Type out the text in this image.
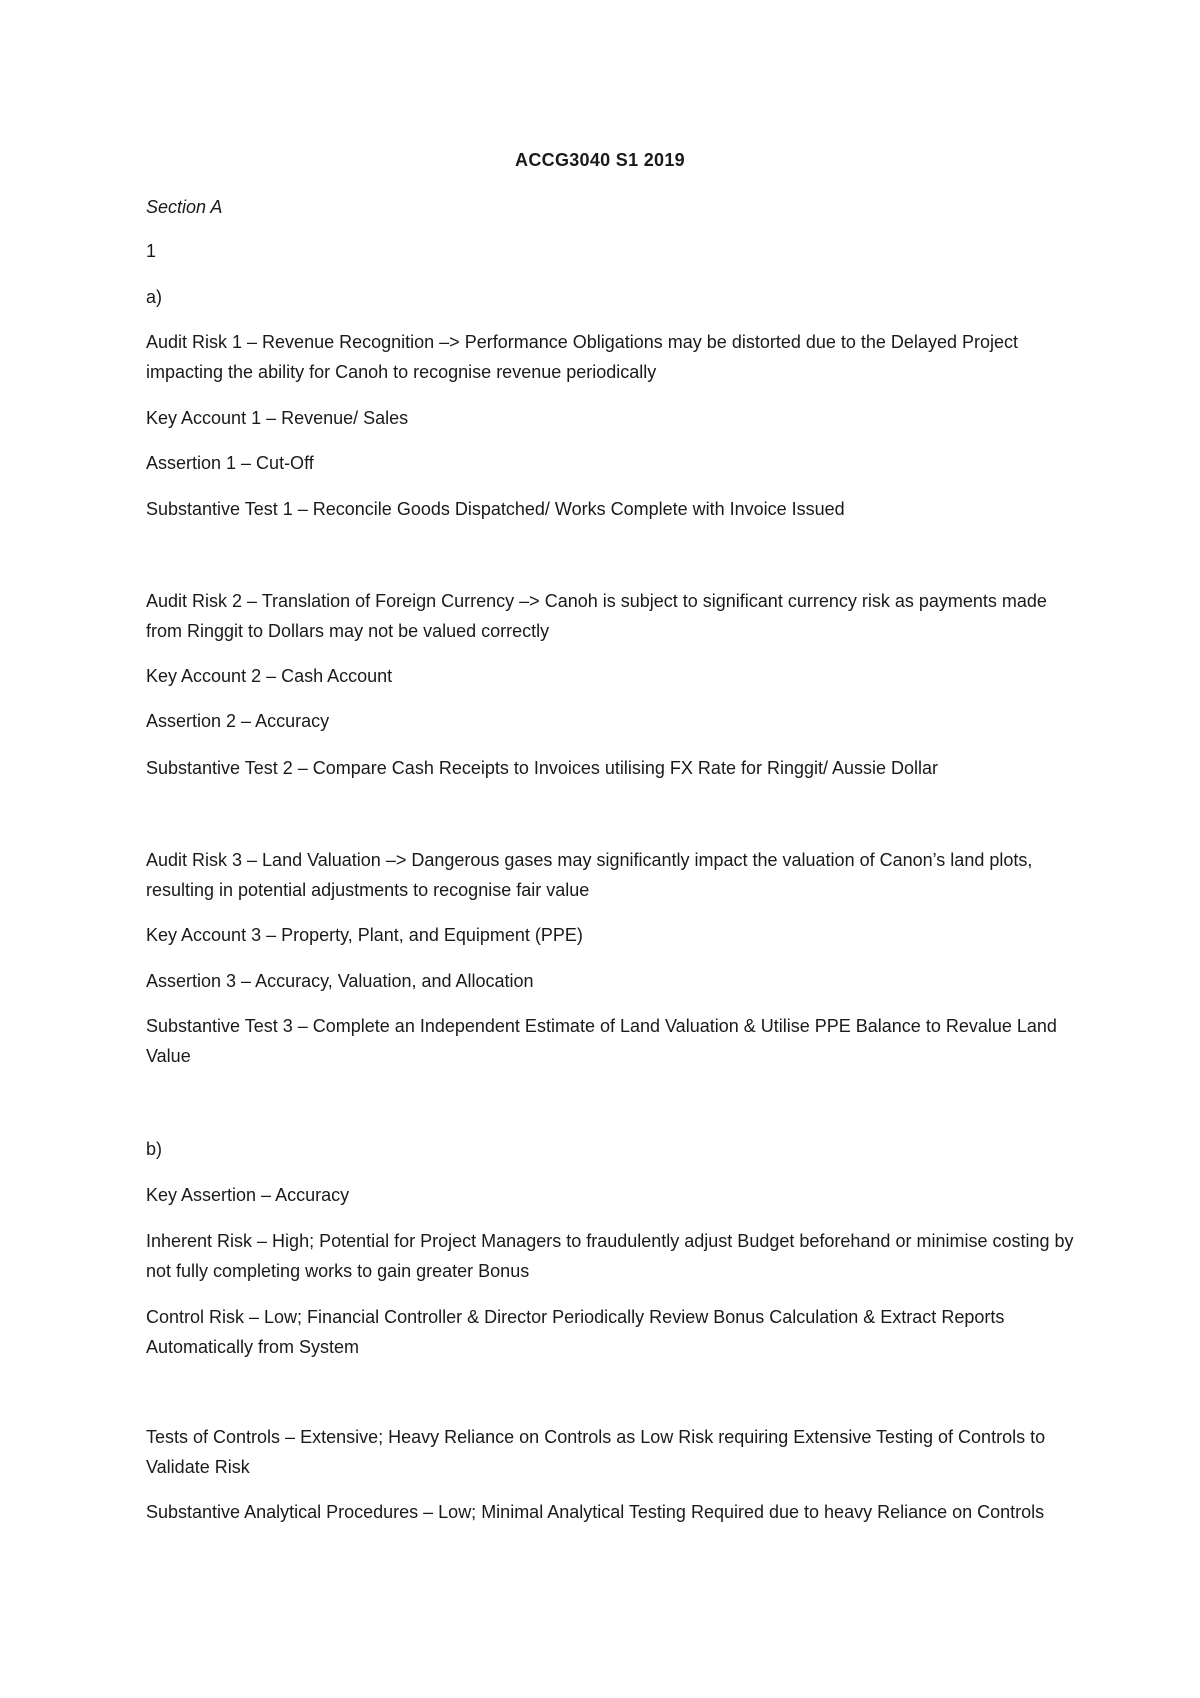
ACCG3040 S1 2019
Section A
1
a)
Audit Risk 1 – Revenue Recognition –> Performance Obligations may be distorted due to the Delayed Project impacting the ability for Canoh to recognise revenue periodically
Key Account 1 – Revenue/ Sales
Assertion 1 – Cut-Off
Substantive Test 1 – Reconcile Goods Dispatched/ Works Complete with Invoice Issued
Audit Risk 2 – Translation of Foreign Currency –> Canoh is subject to significant currency risk as payments made from Ringgit to Dollars may not be valued correctly
Key Account 2 – Cash Account
Assertion 2 – Accuracy
Substantive Test 2 – Compare Cash Receipts to Invoices utilising FX Rate for Ringgit/ Aussie Dollar
Audit Risk 3 – Land Valuation –> Dangerous gases may significantly impact the valuation of Canon’s land plots, resulting in potential adjustments to recognise fair value
Key Account 3 – Property, Plant, and Equipment (PPE)
Assertion 3 – Accuracy, Valuation, and Allocation
Substantive Test 3 – Complete an Independent Estimate of Land Valuation & Utilise PPE Balance to Revalue Land Value
b)
Key Assertion – Accuracy
Inherent Risk – High; Potential for Project Managers to fraudulently adjust Budget beforehand or minimise costing by not fully completing works to gain greater Bonus
Control Risk – Low; Financial Controller & Director Periodically Review Bonus Calculation & Extract Reports Automatically from System
Tests of Controls – Extensive; Heavy Reliance on Controls as Low Risk requiring Extensive Testing of Controls to Validate Risk
Substantive Analytical Procedures – Low; Minimal Analytical Testing Required due to heavy Reliance on Controls
